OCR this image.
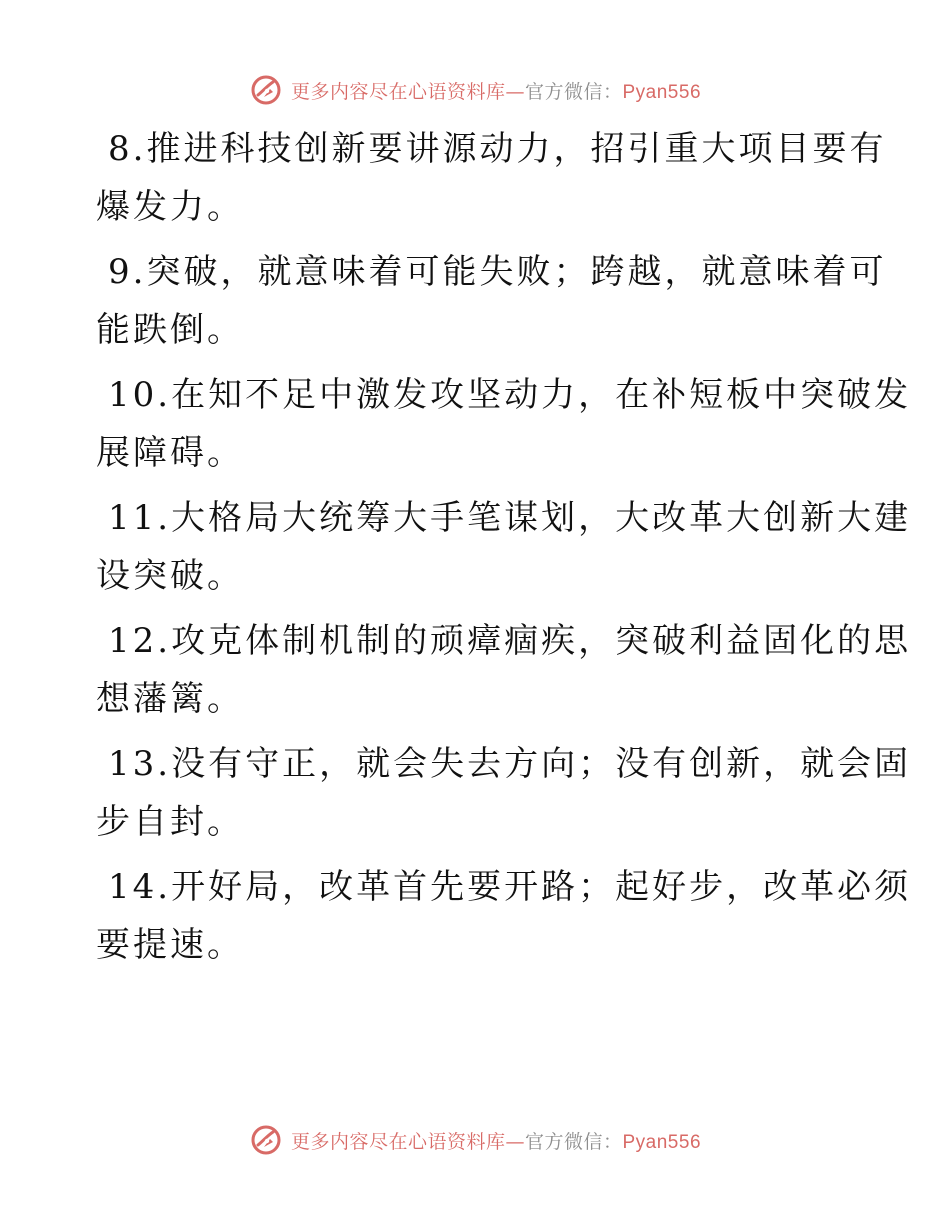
更多内容尽在心语资料库— 官方微信： Pyan556
8.推进科技创新要讲源动力，招引重大项目要有
爆发力。
9.突破，就意味着可能失败；跨越，就意味着可
能跌倒。
10.在知不足中激发攻坚动力，在补短板中突破发
展障碍。
11.大格局大统筹大手笔谋划，大改革大创新大建
设突破。
12.攻克体制机制的顽瘴痼疾，突破利益固化的思
想藩篱。
13.没有守正，就会失去方向；没有创新，就会固
步自封。
14.开好局，改革首先要开路；起好步，改革必须
要提速。
更多内容尽在心语资料库— 官方微信： Pyan556
